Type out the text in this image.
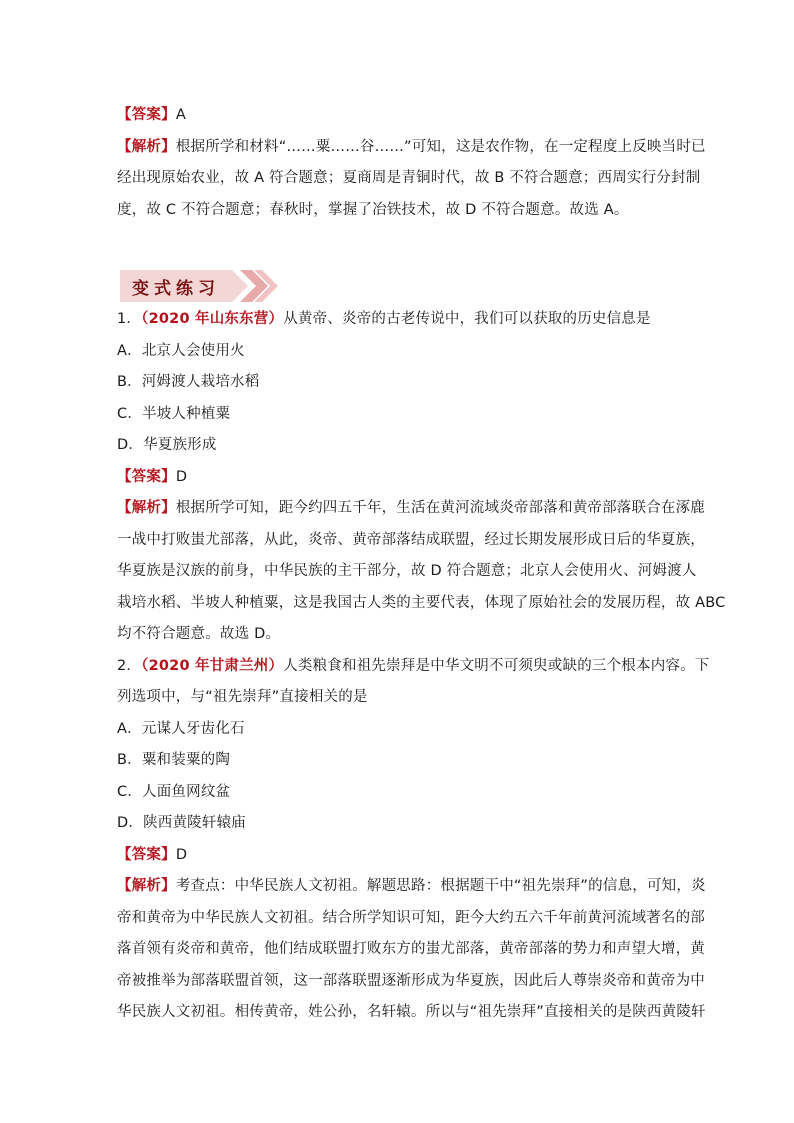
【答案】A
【解析】根据所学和材料“……粟……谷……”可知，这是农作物，在一定程度上反映当时已
经出现原始农业，故 A 符合题意；夏商周是青铜时代，故 B 不符合题意；西周实行分封制
度，故 C 不符合题意；春秋时，掌握了冶铁技术，故 D 不符合题意。故选 A。
变式练习
1．（2020 年山东东营）从黄帝、炎帝的古老传说中，我们可以获取的历史信息是
A．北京人会使用火
B．河姆渡人栽培水稻
C．半坡人种植粟
D．华夏族形成
【答案】D
【解析】根据所学可知，距今约四五千年，生活在黄河流域炎帝部落和黄帝部落联合在涿鹿
一战中打败蚩尤部落，从此，炎帝、黄帝部落结成联盟，经过长期发展形成日后的华夏族，
华夏族是汉族的前身，中华民族的主干部分，故 D 符合题意；北京人会使用火、河姆渡人
栽培水稻、半坡人种植粟，这是我国古人类的主要代表，体现了原始社会的发展历程，故 ABC
均不符合题意。故选 D。
2．（2020 年甘肃兰州）人类粮食和祖先崇拜是中华文明不可须臾或缺的三个根本内容。下
列选项中，与“祖先崇拜”直接相关的是
A．元谋人牙齿化石
B．粟和装粟的陶
C．人面鱼网纹盆
D．陕西黄陵轩辕庙
【答案】D
【解析】考查点：中华民族人文初祖。解题思路：根据题干中“祖先崇拜”的信息，可知，炎
帝和黄帝为中华民族人文初祖。结合所学知识可知，距今大约五六千年前黄河流域著名的部
落首领有炎帝和黄帝，他们结成联盟打败东方的蚩尤部落，黄帝部落的势力和声望大增，黄
帝被推举为部落联盟首领，这一部落联盟逐渐形成为华夏族，因此后人尊崇炎帝和黄帝为中
华民族人文初祖。相传黄帝，姓公孙，名轩辕。所以与“祖先崇拜”直接相关的是陕西黄陵轩
